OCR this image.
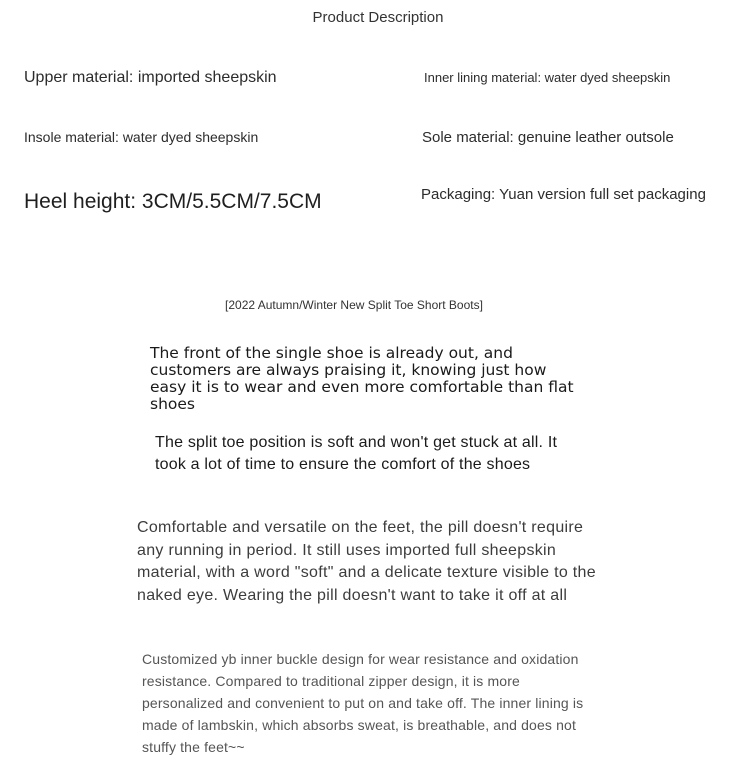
Product Description
Upper material: imported sheepskin	Inner lining material: water dyed sheepskin
Insole material: water dyed sheepskin	Sole material: genuine leather outsole
Heel height: 3CM/5.5CM/7.5CM	Packaging: Yuan version full set packaging
[2022 Autumn/Winter New Split Toe Short Boots]
The front of the single shoe is already out, and customers are always praising it, knowing just how easy it is to wear and even more comfortable than flat shoes
The split toe position is soft and won't get stuck at all. It took a lot of time to ensure the comfort of the shoes
Comfortable and versatile on the feet, the pill doesn't require any running in period. It still uses imported full sheepskin material, with a word "soft" and a delicate texture visible to the naked eye. Wearing the pill doesn't want to take it off at all
Customized yb inner buckle design for wear resistance and oxidation resistance. Compared to traditional zipper design, it is more personalized and convenient to put on and take off. The inner lining is made of lambskin, which absorbs sweat, is breathable, and does not stuffy the feet~~
